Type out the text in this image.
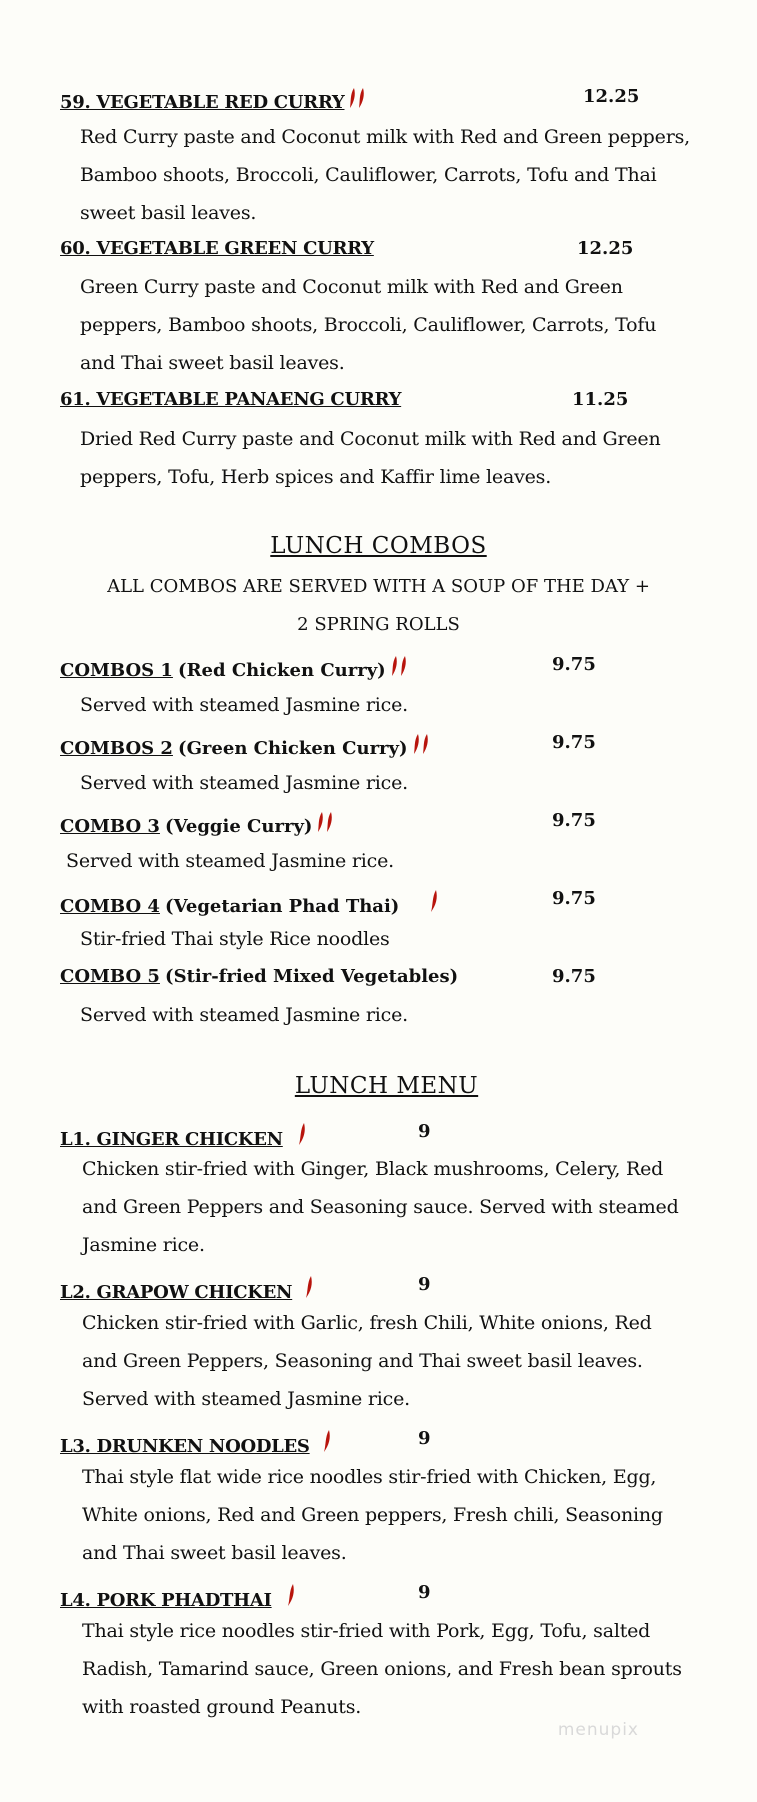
59. VEGETABLE RED CURRY	12.25
Red Curry paste and Coconut milk with Red and Green peppers,
Bamboo shoots, Broccoli, Cauliflower, Carrots, Tofu and Thai
sweet basil leaves.
60. VEGETABLE GREEN CURRY	12.25
Green Curry paste and Coconut milk with Red and Green
peppers, Bamboo shoots, Broccoli, Cauliflower, Carrots, Tofu
and Thai sweet basil leaves.
61. VEGETABLE PANAENG CURRY	11.25
Dried Red Curry paste and Coconut milk with Red and Green
peppers, Tofu, Herb spices and Kaffir lime leaves.
LUNCH COMBOS
ALL COMBOS ARE SERVED WITH A SOUP OF THE DAY +
2 SPRING ROLLS
COMBOS 1 (Red Chicken Curry)	9.75
Served with steamed Jasmine rice.
COMBOS 2 (Green Chicken Curry)	9.75
Served with steamed Jasmine rice.
COMBO 3 (Veggie Curry)	9.75
Served with steamed Jasmine rice.
COMBO 4 (Vegetarian Phad Thai)	9.75
Stir-fried Thai style Rice noodles
COMBO 5 (Stir-fried Mixed Vegetables)	9.75
Served with steamed Jasmine rice.
LUNCH MENU
L1. GINGER CHICKEN	9
Chicken stir-fried with Ginger, Black mushrooms, Celery, Red
and Green Peppers and Seasoning sauce. Served with steamed
Jasmine rice.
L2. GRAPOW CHICKEN	9
Chicken stir-fried with Garlic, fresh Chili, White onions, Red
and Green Peppers, Seasoning and Thai sweet basil leaves.
Served with steamed Jasmine rice.
L3. DRUNKEN NOODLES	9
Thai style flat wide rice noodles stir-fried with Chicken, Egg,
White onions, Red and Green peppers, Fresh chili, Seasoning
and Thai sweet basil leaves.
L4. PORK PHADTHAI	9
Thai style rice noodles stir-fried with Pork, Egg, Tofu, salted
Radish, Tamarind sauce, Green onions, and Fresh bean sprouts
with roasted ground Peanuts.
menupix
